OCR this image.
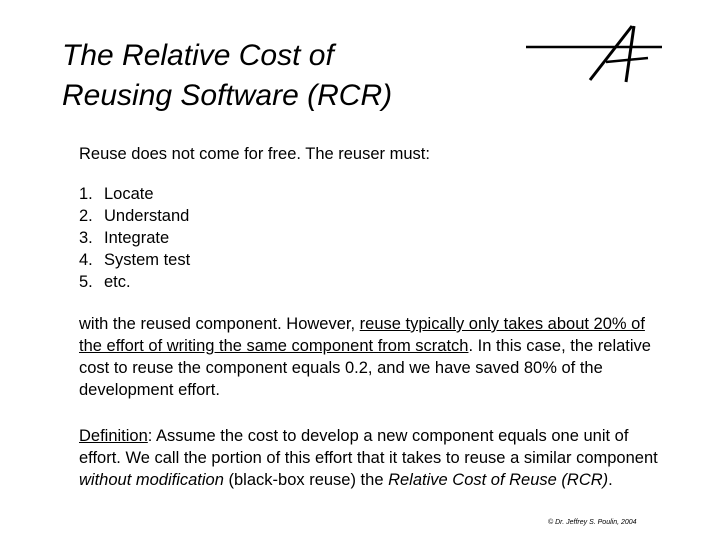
The Relative Cost of
Reusing Software (RCR)

Reuse does not come for free. The reuser must:

1. Locate
2. Understand
3. Integrate
4. System test
5. etc.

with the reused component. However, reuse typically only takes about 20% of the effort of writing the same component from scratch. In this case, the relative cost to reuse the component equals 0.2, and we have saved 80% of the development effort.

Definition: Assume the cost to develop a new component equals one unit of effort. We call the portion of this effort that it takes to reuse a similar component without modification (black-box reuse) the Relative Cost of Reuse (RCR).

© Dr. Jeffrey S. Poulin, 2004
